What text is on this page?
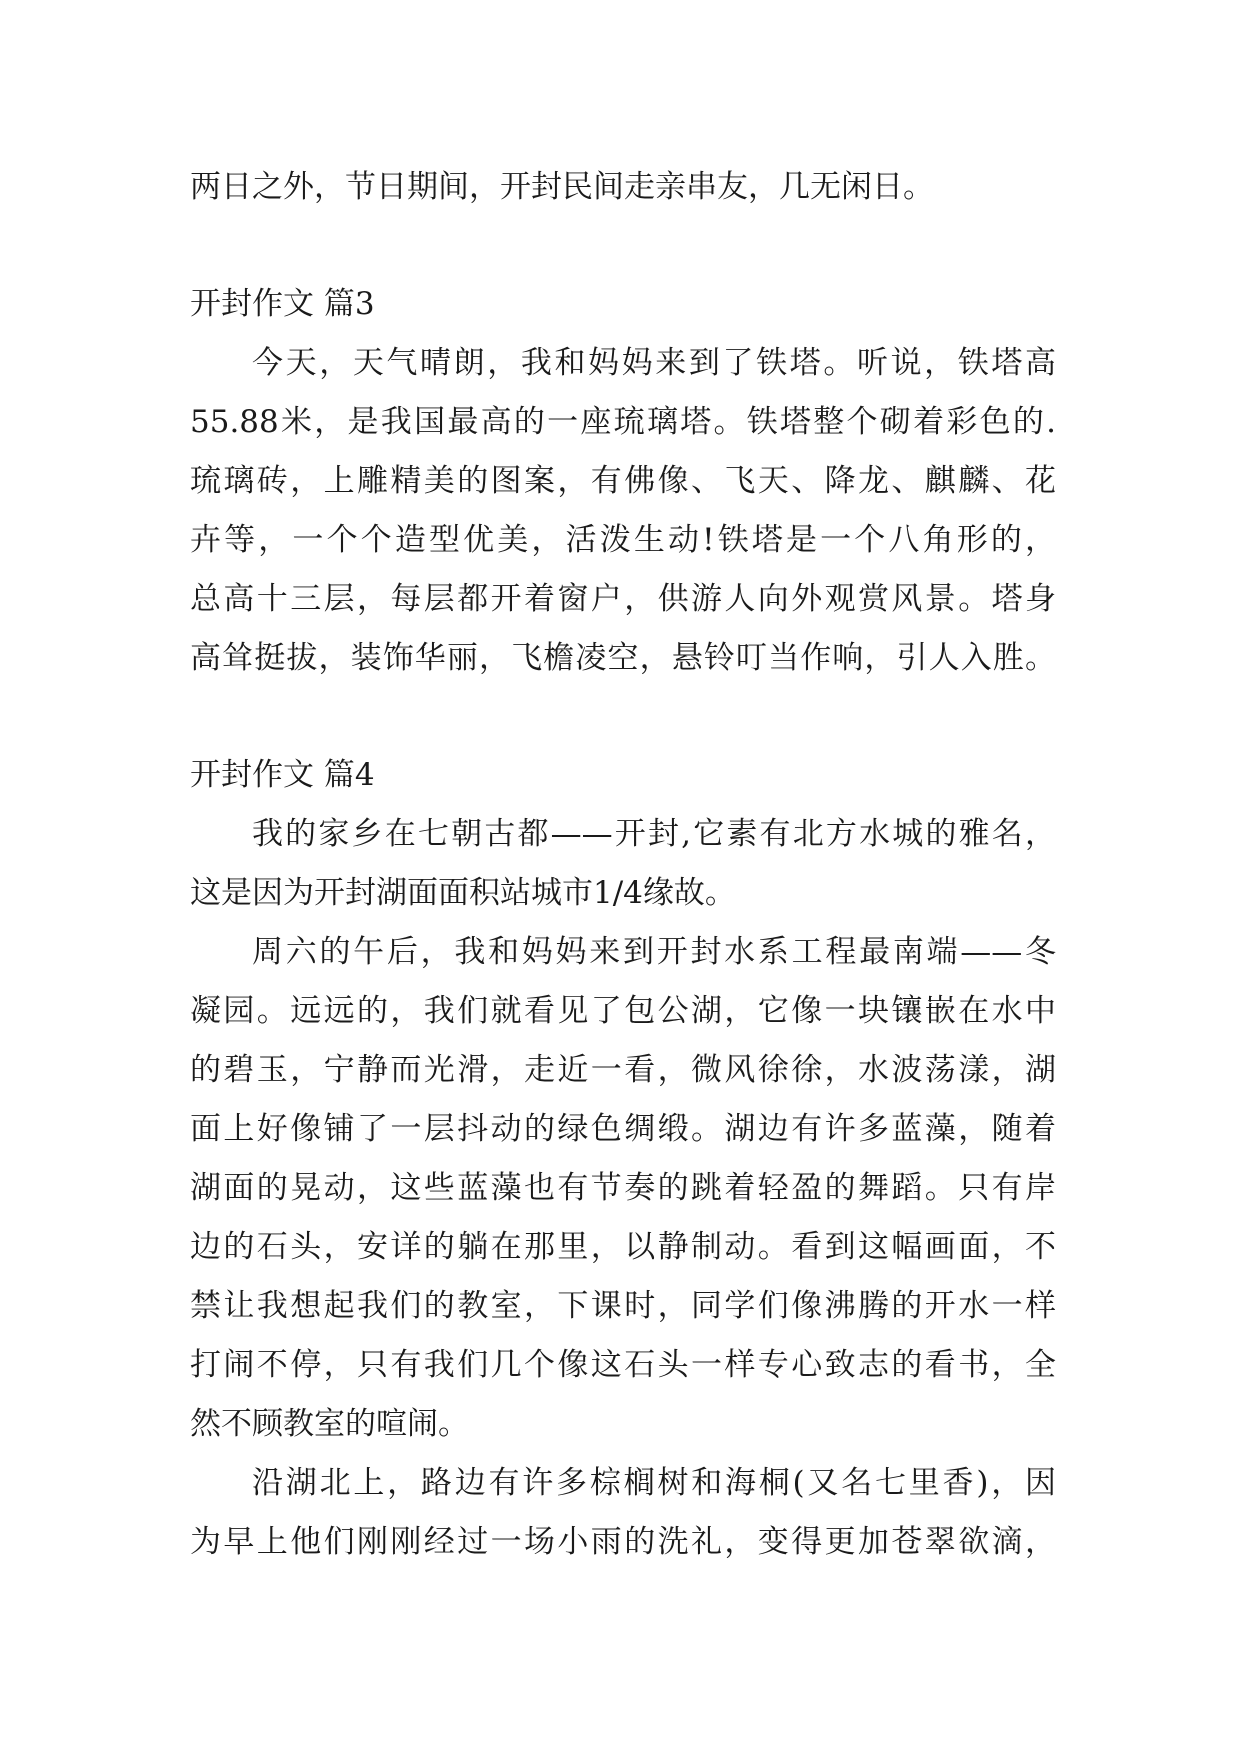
两日之外，节日期间，开封民间走亲串友，几无闲日。
开封作文 篇3
今天，天气晴朗，我和妈妈来到了铁塔。听说，铁塔高
55.88米，是我国最高的一座琉璃塔。铁塔整个砌着彩色的.
琉璃砖，上雕精美的图案，有佛像、飞天、降龙、麒麟、花
卉等，一个个造型优美，活泼生动!铁塔是一个八角形的，
总高十三层，每层都开着窗户，供游人向外观赏风景。塔身
高耸挺拔，装饰华丽，飞檐凌空，悬铃叮当作响，引人入胜。
开封作文 篇4
我的家乡在七朝古都——开封,它素有北方水城的雅名，
这是因为开封湖面面积站城市1/4缘故。
周六的午后，我和妈妈来到开封水系工程最南端——冬
凝园。远远的，我们就看见了包公湖，它像一块镶嵌在水中
的碧玉，宁静而光滑，走近一看，微风徐徐，水波荡漾，湖
面上好像铺了一层抖动的绿色绸缎。湖边有许多蓝藻，随着
湖面的晃动，这些蓝藻也有节奏的跳着轻盈的舞蹈。只有岸
边的石头，安详的躺在那里，以静制动。看到这幅画面，不
禁让我想起我们的教室，下课时，同学们像沸腾的开水一样
打闹不停，只有我们几个像这石头一样专心致志的看书，全
然不顾教室的喧闹。
沿湖北上，路边有许多棕榈树和海桐(又名七里香)，因
为早上他们刚刚经过一场小雨的洗礼，变得更加苍翠欲滴，
